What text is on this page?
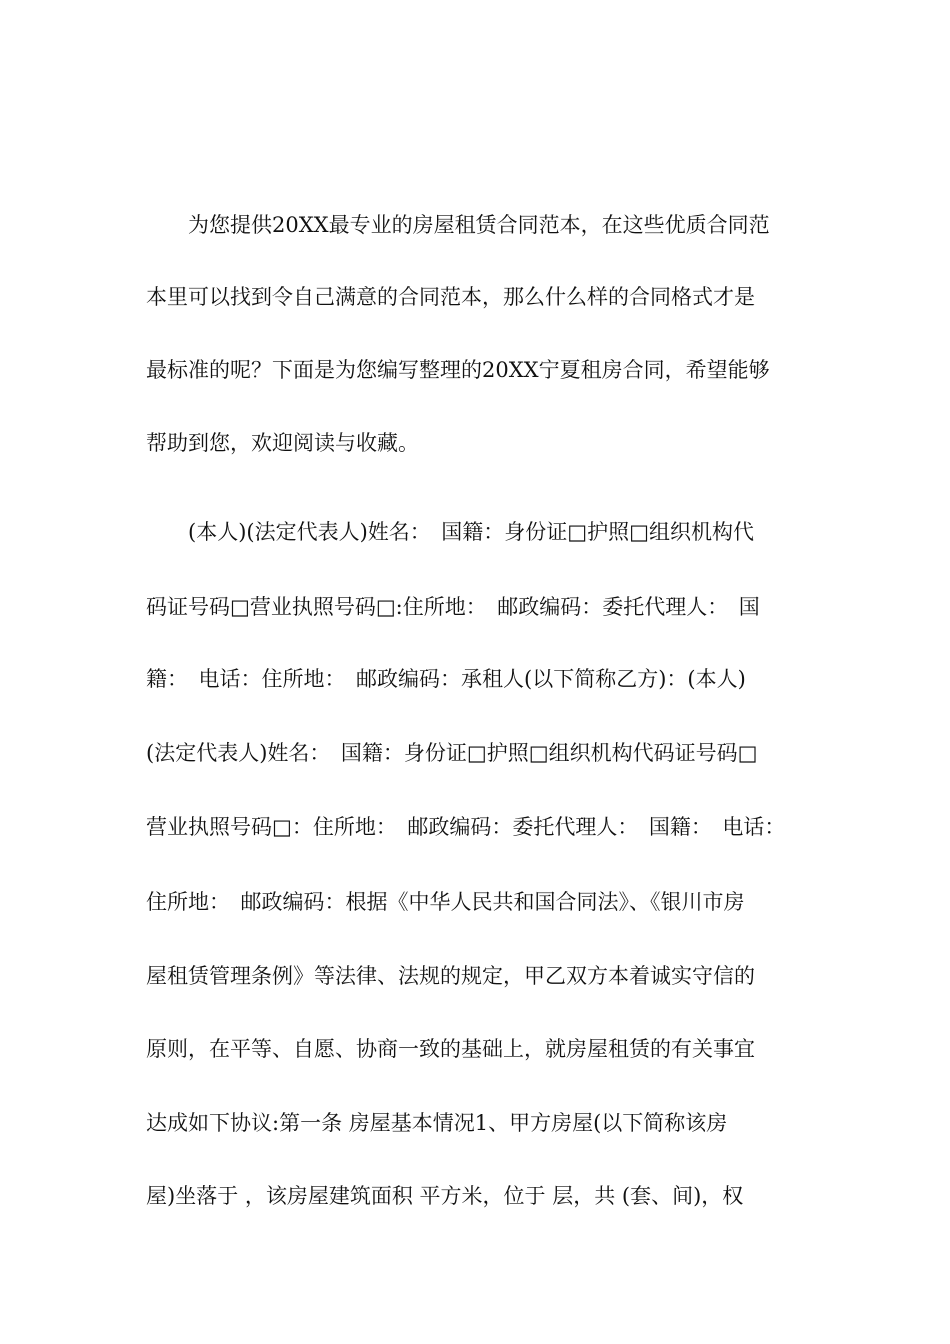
　　为您提供20XX最专业的房屋租赁合同范本，在这些优质合同范
本里可以找到令自己满意的合同范本，那么什么样的合同格式才是
最标准的呢？下面是为您编写整理的20XX宁夏租房合同，希望能够
帮助到您，欢迎阅读与收藏。
　　(本人)(法定代表人)姓名：　国籍：身份证□护照□组织机构代
码证号码□营业执照号码□:住所地：　邮政编码：委托代理人：　国
籍：　电话：住所地：　邮政编码：承租人(以下简称乙方)：(本人)
(法定代表人)姓名：　国籍：身份证□护照□组织机构代码证号码□
营业执照号码□：住所地：　邮政编码：委托代理人：　国籍：　电话：
住所地：　邮政编码：根据《中华人民共和国合同法》、《银川市房
屋租赁管理条例》等法律、法规的规定，甲乙双方本着诚实守信的
原则，在平等、自愿、协商一致的基础上，就房屋租赁的有关事宜
达成如下协议:第一条 房屋基本情况1、甲方房屋(以下简称该房
屋)坐落于 ，该房屋建筑面积 平方米，位于 层，共 (套、间)，权
